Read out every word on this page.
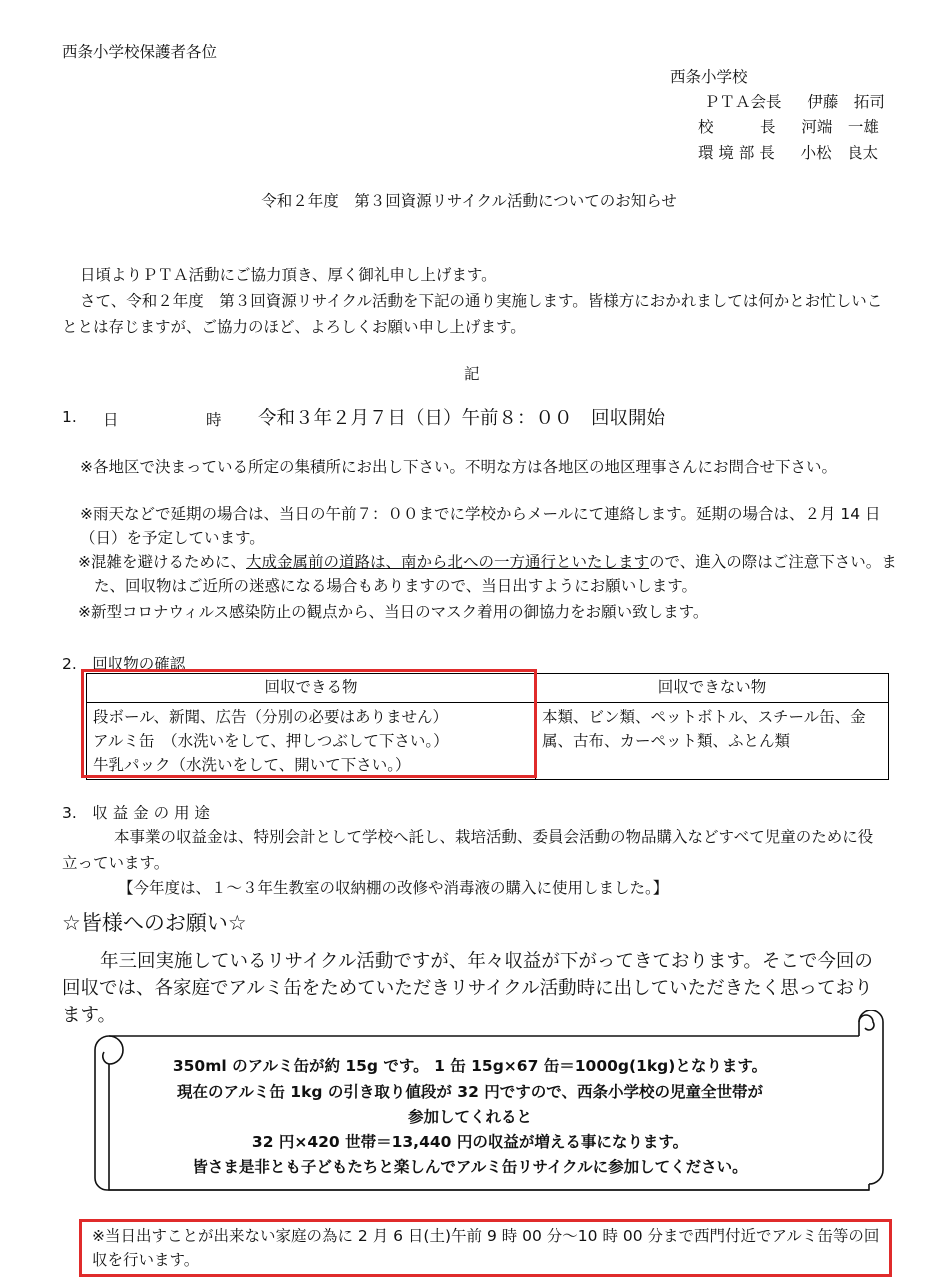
西条小学校保護者各位
西条小学校
ＰＴＡ会長 伊藤　拓司
校　　　長 河端　一雄
環 境 部 長 小松　良太
令和２年度　第３回資源リサイクル活動についてのお知らせ
日頃よりＰＴＡ活動にご協力頂き、厚く御礼申し上げます。
さて、令和２年度　第３回資源リサイクル活動を下記の通り実施します。皆様方におかれましては何かとお忙しいこととは存じますが、ご協力のほど、よろしくお願い申し上げます。
記
1. 日	時 令和３年２月７日（日）午前８：００　回収開始
※各地区で決まっている所定の集積所にお出し下さい。不明な方は各地区の地区理事さんにお問合せ下さい。
※雨天などで延期の場合は、当日の午前７：００までに学校からメールにて連絡します。延期の場合は、２月 14 日（日）を予定しています。
※混雑を避けるために、大成金属前の道路は、南から北への一方通行といたしますので、進入の際はご注意下さい。また、回収物はご近所の迷惑になる場合もありますので、当日出すようにお願いします。
※新型コロナウィルス感染防止の観点から、当日のマスク着用の御協力をお願い致します。
2.　回収物の確認
回収できる物	回収できない物

段ボール、新聞、広告（分別の必要はありません）
アルミ缶　（水洗いをして、押しつぶして下さい。）
牛乳パック（水洗いをして、開いて下さい。）	本類、ビン類、ペットボトル、スチール缶、金属、古布、カーペット類、ふとん類
3.　収 益 金 の 用 途
本事業の収益金は、特別会計として学校へ託し、栽培活動、委員会活動の物品購入などすべて児童のために役立っています。
【今年度は、１～３年生教室の収納棚の改修や消毒液の購入に使用しました。】
☆皆様へのお願い☆
年三回実施しているリサイクル活動ですが、年々収益が下がってきております。そこで今回の回収では、各家庭でアルミ缶をためていただきリサイクル活動時に出していただきたく思っております。
350ml のアルミ缶が約 15g です。 1 缶 15g×67 缶＝1000g(1kg)となります。
現在のアルミ缶 1kg の引き取り値段が 32 円ですので、西条小学校の児童全世帯が
参加してくれると
32 円×420 世帯＝13,440 円の収益が増える事になります。
皆さま是非とも子どもたちと楽しんでアルミ缶リサイクルに参加してください。
※当日出すことが出来ない家庭の為に 2 月 6 日(土)午前 9 時 00 分～10 時 00 分まで西門付近でアルミ缶等の回収を行います。
